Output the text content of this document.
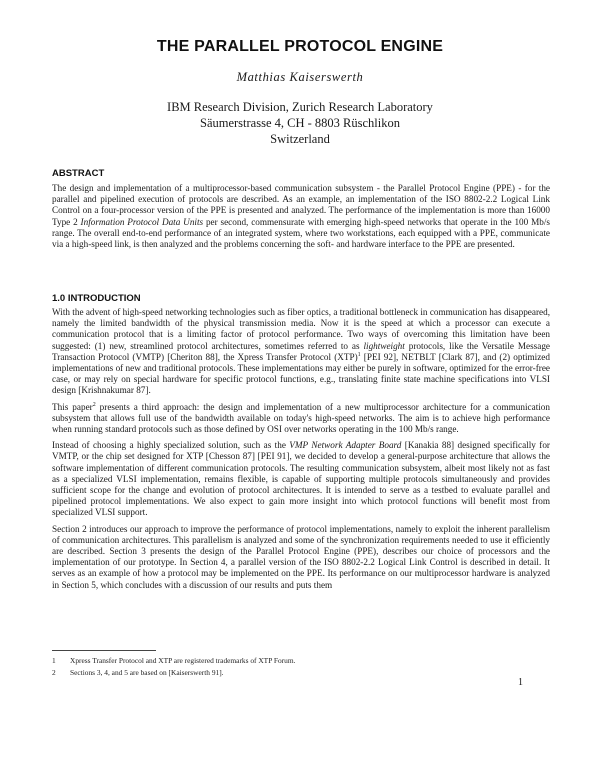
THE PARALLEL PROTOCOL ENGINE
Matthias Kaiserswerth
IBM Research Division, Zurich Research Laboratory
Säumerstrasse 4, CH - 8803 Rüschlikon
Switzerland
ABSTRACT

The design and implementation of a multiprocessor-based communication subsystem - the Parallel Protocol Engine (PPE) - for the parallel and pipelined execution of protocols are described. As an example, an implementation of the ISO 8802-2.2 Logical Link Control on a four-processor version of the PPE is presented and analyzed. The performance of the implementation is more than 16000 Type 2 Information Protocol Data Units per second, commensurate with emerging high-speed networks that operate in the 100 Mb/s range. The overall end-to-end performance of an integrated system, where two workstations, each equipped with a PPE, communicate via a high-speed link, is then analyzed and the problems concerning the soft- and hardware interface to the PPE are presented.

1.0 INTRODUCTION

With the advent of high-speed networking technologies such as fiber optics, a traditional bottleneck in communication has disappeared, namely the limited bandwidth of the physical transmission media. Now it is the speed at which a processor can execute a communication protocol that is a limiting factor of protocol performance. Two ways of overcoming this limitation have been suggested: (1) new, streamlined protocol architectures, sometimes referred to as lightweight protocols, like the Versatile Message Transaction Protocol (VMTP) [Cheriton 88], the Xpress Transfer Protocol (XTP)$^1$ [PEI 92], NETBLT [Clark 87], and (2) optimized implementations of new and traditional protocols. These implementations may either be purely in software, optimized for the error-free case, or may rely on special hardware for specific protocol functions, e.g., translating finite state machine specifications into VLSI design [Krishnakumar 87].

This paper$^2$ presents a third approach: the design and implementation of a new multiprocessor architecture for a communication subsystem that allows full use of the bandwidth available on today's high-speed networks. The aim is to achieve high performance when running standard protocols such as those defined by OSI over networks operating in the 100 Mb/s range.

Instead of choosing a highly specialized solution, such as the VMP Network Adapter Board [Kanakia 88] designed specifically for VMTP, or the chip set designed for XTP [Chesson 87] [PEI 91], we decided to develop a general-purpose architecture that allows the software implementation of different communication protocols. The resulting communication subsystem, albeit most likely not as fast as a specialized VLSI implementation, remains flexible, is capable of supporting multiple protocols simultaneously and provides sufficient scope for the change and evolution of protocol architectures. It is intended to serve as a testbed to evaluate parallel and pipelined protocol implementations. We also expect to gain more insight into which protocol functions will benefit most from specialized VLSI support.

Section 2 introduces our approach to improve the performance of protocol implementations, namely to exploit the inherent parallelism of communication architectures. This parallelism is analyzed and some of the synchronization requirements needed to use it efficiently are described. Section 3 presents the design of the Parallel Protocol Engine (PPE), describes our choice of processors and the implementation of our prototype. In Section 4, a parallel version of the ISO 8802-2.2 Logical Link Control is described in detail. It serves as an example of how a protocol may be implemented on the PPE. Its performance on our multiprocessor hardware is analyzed in Section 5, which concludes with a discussion of our results and puts them

1	Xpress Transfer Protocol and XTP are registered trademarks of XTP Forum.
2	Sections 3, 4, and 5 are based on [Kaiserswerth 91].
1
